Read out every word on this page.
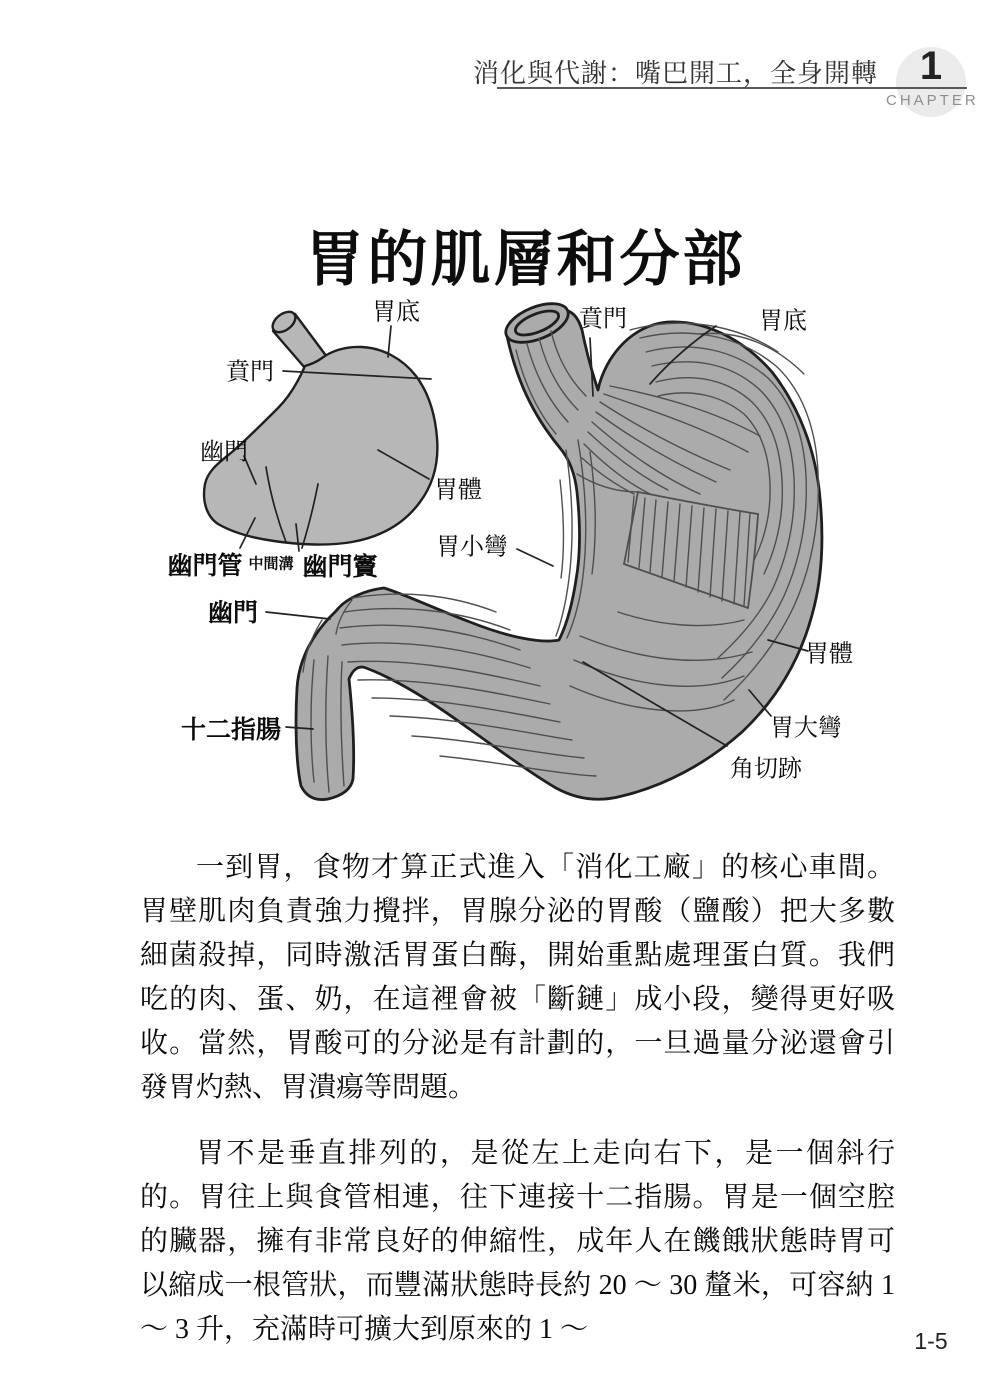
消化與代謝：嘴巴開工，全身開轉	1
CHAPTER
胃的肌層和分部
胃底
賁門
幽門
胃體
幽門管 中間溝 幽門竇
幽門
十二指腸
賁門	胃底
胃小彎
胃體
胃大彎
角切跡

一到胃，食物才算正式進入「消化工廠」的核心車間。胃壁肌肉負責強力攪拌，胃腺分泌的胃酸（鹽酸）把大多數細菌殺掉，同時激活胃蛋白酶，開始重點處理蛋白質。我們吃的肉、蛋、奶，在這裡會被「斷鏈」成小段，變得更好吸收。當然，胃酸可的分泌是有計劃的，一旦過量分泌還會引發胃灼熱、胃潰瘍等問題。

胃不是垂直排列的，是從左上走向右下，是一個斜行的。胃往上與食管相連，往下連接十二指腸。胃是一個空腔的臟器，擁有非常良好的伸縮性，成年人在饑餓狀態時胃可以縮成一根管狀，而豐滿狀態時長約 20 ～ 30 釐米，可容納 1 ～ 3 升，充滿時可擴大到原來的 1 ～	1-5
